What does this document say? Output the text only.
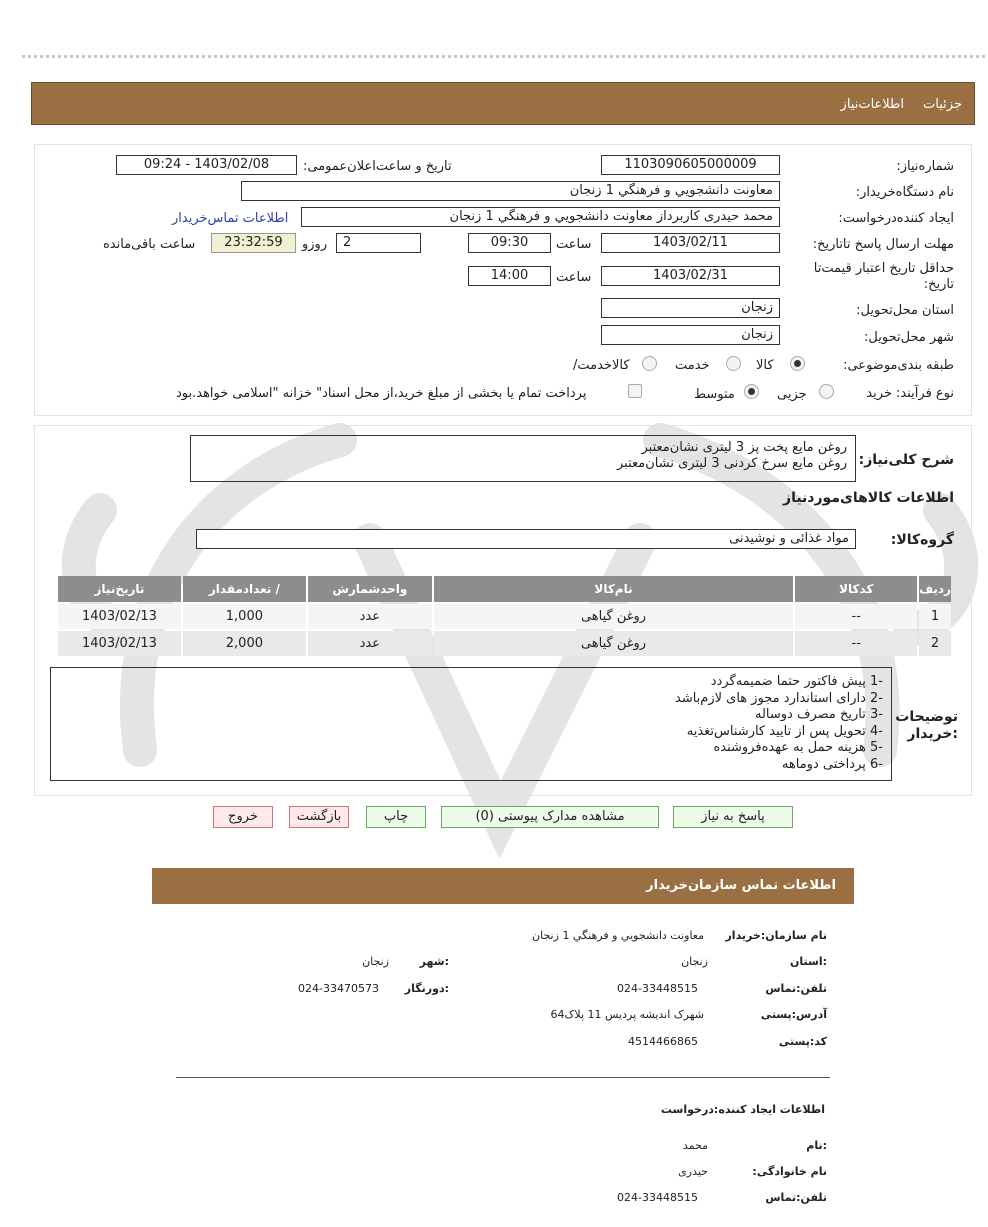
جزئیات
اطلاعات‌نیاز
شماره‌نیاز:
1103090605000009
تاریخ و ساعت‌اعلان‌عمومی:
1403/02/08 - 09:24
نام دستگاه‌خریدار:
معاونت دانشجويي و فرهنگي 1 زنجان
ایجاد کننده‌درخواست:
محمد حيدری کاربرداز معاونت دانشجويي و فرهنگي 1 زنجان
اطلاعات تماس‌خریدار
مهلت ارسال پاسخ تا‌تاریخ:
1403/02/11
ساعت
09:30
2
روزو
23:32:59
ساعت باقی‌مانده
حداقل تاریخ اعتبار قیمت‌تا تاریخ:
1403/02/31
ساعت
14:00
استان محل‌تحویل:
زنجان
شهر محل‌تحویل:
زنجان
طبقه بندی‌موضوعی:
کالا
خدمت
کالا‌خدمت/
نوع فرآیند: خرید
جزیی
متوسط
پرداخت تمام یا بخشی از مبلغ خرید،از محل اسناد" خزانه "اسلامی خواهد.بود
شرح کلی‌نیاز:
روغن مايع پخت پز 3 ليتری نشان‌معتبر
روغن مايع سرخ کردنی 3 ليتری نشان‌معتبر
اطلاعات کالاهای‌موردنیاز
گروه‌کالا:
مواد غذائی و نوشيدنی
ردیف	کدکالا	نام‌کالا	واحدشمارش	/ تعدادمقدار	تاریخ‌نیاز
1	--	روغن گیاهی	عدد	1,000	1403/02/13
2	--	روغن گیاهی	عدد	2,000	1403/02/13
توضیحات
:خریدار
-1 پيش فاکتور حتما ضميمه‌گردد
-2 دارای استاندارد مجوز های لازم‌باشد
-3 تاريخ مصرف دوساله
-4 تحويل پس از تاييد کارشناس‌تغذيه
-5 هزينه حمل به عهده‌فروشنده
-6 پرداختی دوماهه
پاسخ به نیاز
مشاهده مدارک پیوستی (0)
چاپ
بازگشت
خروج
اطلاعات تماس سازمان‌خریدار
نام سازمان:خریدار
معاونت دانشجويي و فرهنگي 1 زنجان
:استان
زنجان
:شهر
زنجان
تلفن:تماس
024-33448515
:دورنگار
024-33470573
آدرس:پستی
شهرک انديشه پرديس 11 پلاک64
کد:پستی
4514466865
اطلاعات ایجاد کننده:درخواست
:نام
محمد
نام خانوادگی:
حيدری
تلفن:تماس
024-33448515
